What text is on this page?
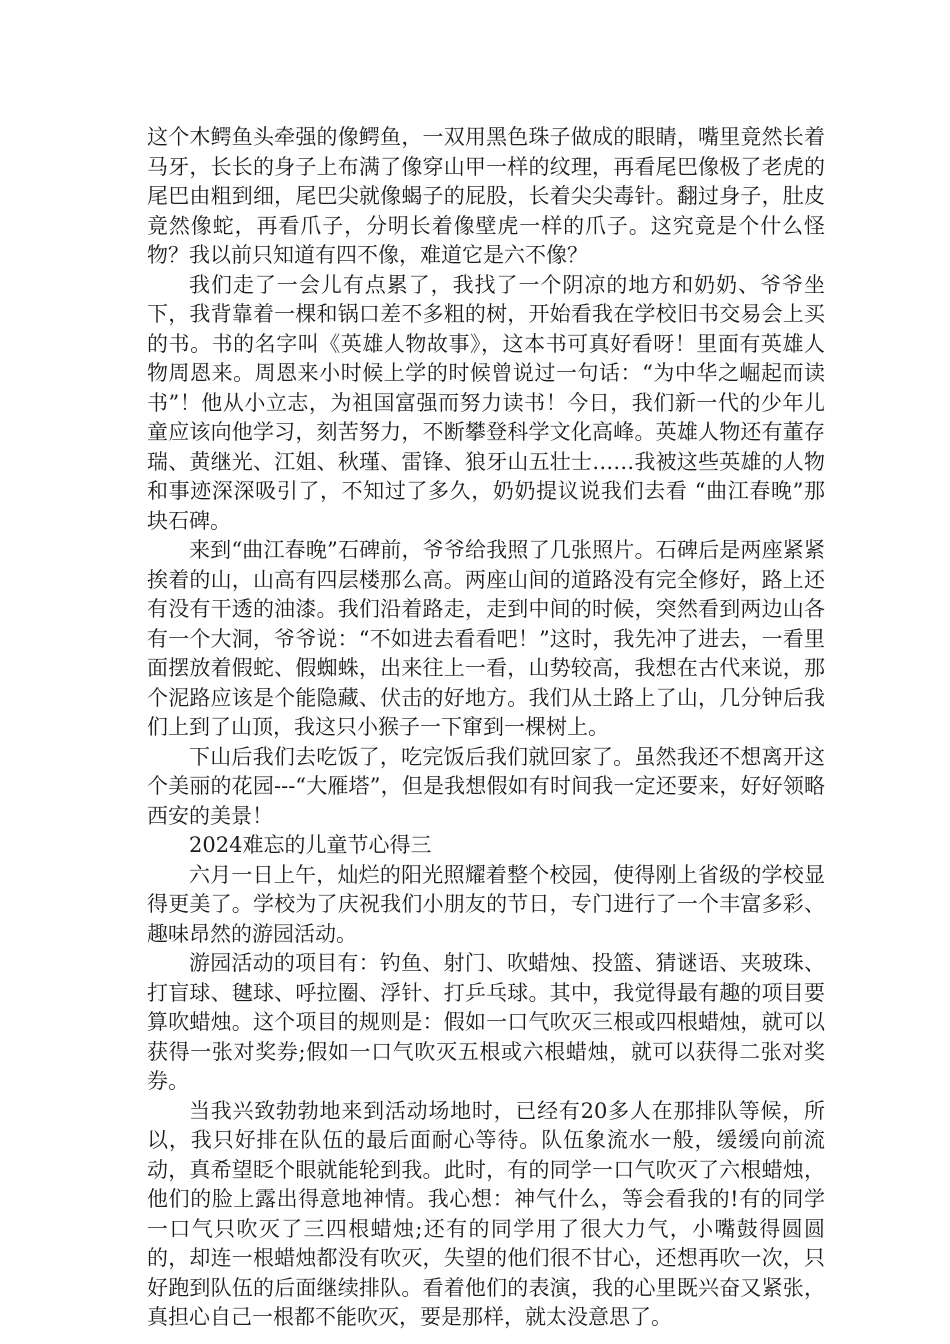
这个木鳄鱼头牵强的像鳄鱼，一双用黑色珠子做成的眼睛，嘴里竟然长着马牙，长长的身子上布满了像穿山甲一样的纹理，再看尾巴像极了老虎的尾巴由粗到细，尾巴尖就像蝎子的屁股，长着尖尖毒针。翻过身子，肚皮竟然像蛇，再看爪子，分明长着像壁虎一样的爪子。这究竟是个什么怪物？我以前只知道有四不像，难道它是六不像？

我们走了一会儿有点累了，我找了一个阴凉的地方和奶奶、爷爷坐下，我背靠着一棵和锅口差不多粗的树，开始看我在学校旧书交易会上买的书。书的名字叫《英雄人物故事》，这本书可真好看呀！里面有英雄人物周恩来。周恩来小时候上学的时候曾说过一句话：“为中华之崛起而读书”！他从小立志，为祖国富强而努力读书！今日，我们新一代的少年儿童应该向他学习，刻苦努力，不断攀登科学文化高峰。英雄人物还有董存瑞、黄继光、江姐、秋瑾、雷锋、狼牙山五壮士……我被这些英雄的人物和事迹深深吸引了，不知过了多久，奶奶提议说我们去看 “曲江春晚”那块石碑。

来到“曲江春晚”石碑前，爷爷给我照了几张照片。石碑后是两座紧紧挨着的山，山高有四层楼那么高。两座山间的道路没有完全修好，路上还有没有干透的油漆。我们沿着路走，走到中间的时候，突然看到两边山各有一个大洞，爷爷说：“不如进去看看吧！”这时，我先冲了进去，一看里面摆放着假蛇、假蜘蛛，出来往上一看，山势较高，我想在古代来说，那个泥路应该是个能隐藏、伏击的好地方。我们从土路上了山，几分钟后我们上到了山顶，我这只小猴子一下窜到一棵树上。

下山后我们去吃饭了，吃完饭后我们就回家了。虽然我还不想离开这个美丽的花园---“大雁塔”，但是我想假如有时间我一定还要来，好好领略西安的美景！

2024难忘的儿童节心得三

六月一日上午，灿烂的阳光照耀着整个校园，使得刚上省级的学校显得更美了。学校为了庆祝我们小朋友的节日，专门进行了一个丰富多彩、趣味昂然的游园活动。

游园活动的项目有：钓鱼、射门、吹蜡烛、投篮、猜谜语、夹玻珠、打盲球、毽球、呼拉圈、浮针、打乒乓球。其中，我觉得最有趣的项目要算吹蜡烛。这个项目的规则是：假如一口气吹灭三根或四根蜡烛，就可以获得一张对奖券;假如一口气吹灭五根或六根蜡烛，就可以获得二张对奖券。

当我兴致勃勃地来到活动场地时，已经有20多人在那排队等候，所以，我只好排在队伍的最后面耐心等待。队伍象流水一般，缓缓向前流动，真希望眨个眼就能轮到我。此时，有的同学一口气吹灭了六根蜡烛，他们的脸上露出得意地神情。我心想：神气什么，等会看我的!有的同学一口气只吹灭了三四根蜡烛;还有的同学用了很大力气，小嘴鼓得圆圆的，却连一根蜡烛都没有吹灭，失望的他们很不甘心，还想再吹一次，只好跑到队伍的后面继续排队。看着他们的表演，我的心里既兴奋又紧张，真担心自己一根都不能吹灭，要是那样，就太没意思了。
